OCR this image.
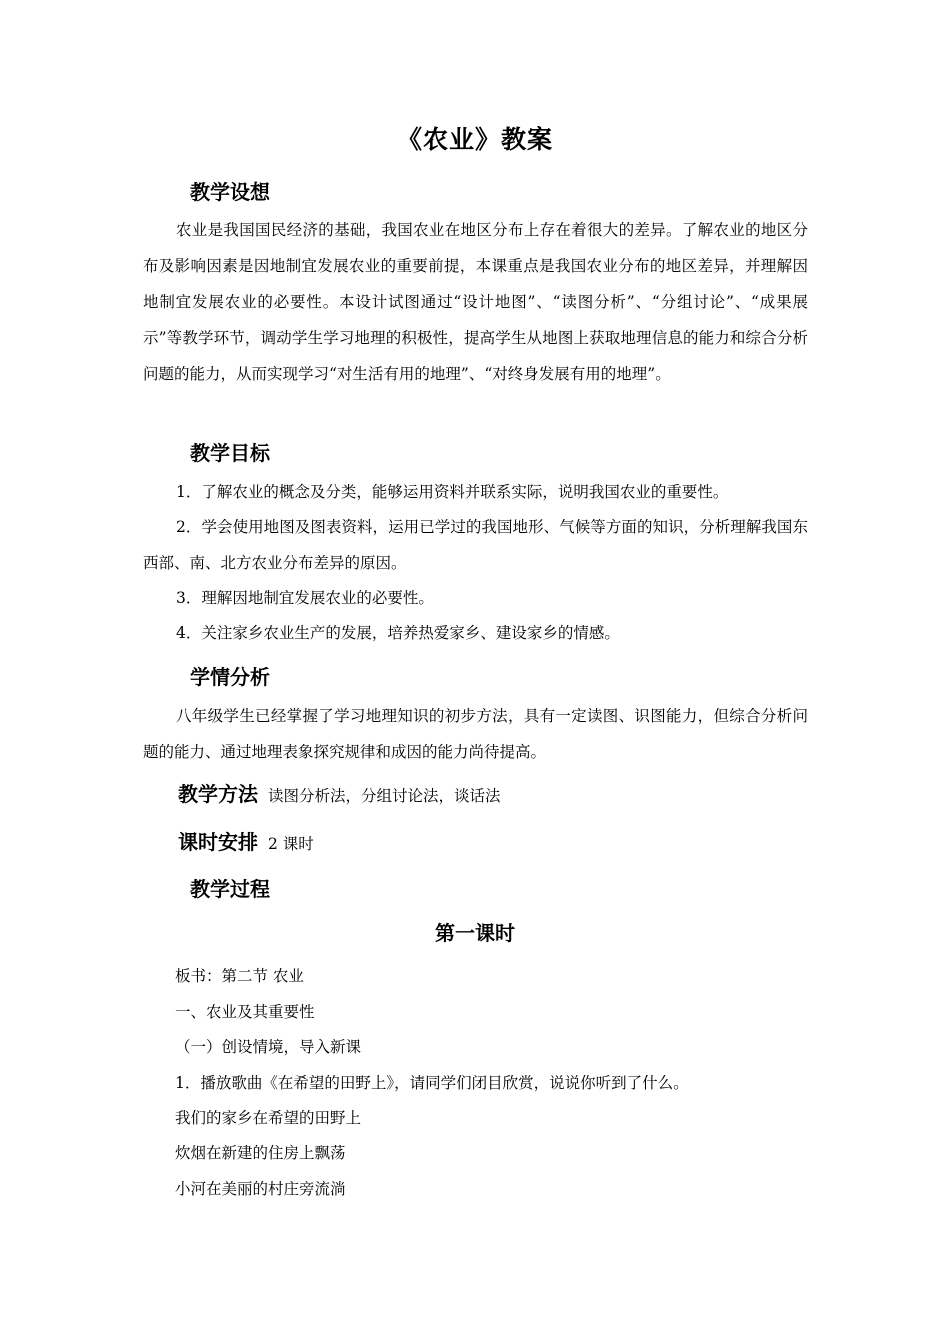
《农业》教案
教学设想
农业是我国国民经济的基础，我国农业在地区分布上存在着很大的差异。了解农业的地区分布及影响因素是因地制宜发展农业的重要前提，本课重点是我国农业分布的地区差异，并理解因地制宜发展农业的必要性。本设计试图通过“设计地图”、“读图分析”、“分组讨论”、“成果展示”等教学环节，调动学生学习地理的积极性，提高学生从地图上获取地理信息的能力和综合分析问题的能力，从而实现学习“对生活有用的地理”、“对终身发展有用的地理”。
教学目标
1．了解农业的概念及分类，能够运用资料并联系实际，说明我国农业的重要性。
2．学会使用地图及图表资料，运用已学过的我国地形、气候等方面的知识，分析理解我国东西部、南、北方农业分布差异的原因。
3．理解因地制宜发展农业的必要性。
4．关注家乡农业生产的发展，培养热爱家乡、建设家乡的情感。
学情分析
八年级学生已经掌握了学习地理知识的初步方法，具有一定读图、识图能力，但综合分析问题的能力、通过地理表象探究规律和成因的能力尚待提高。
教学方法 读图分析法，分组讨论法，谈话法
课时安排 2 课时
教学过程
第一课时
板书：第二节 农业
一、农业及其重要性
（一）创设情境，导入新课
1．播放歌曲《在希望的田野上》，请同学们闭目欣赏，说说你听到了什么。
我们的家乡在希望的田野上
炊烟在新建的住房上飘荡
小河在美丽的村庄旁流淌
